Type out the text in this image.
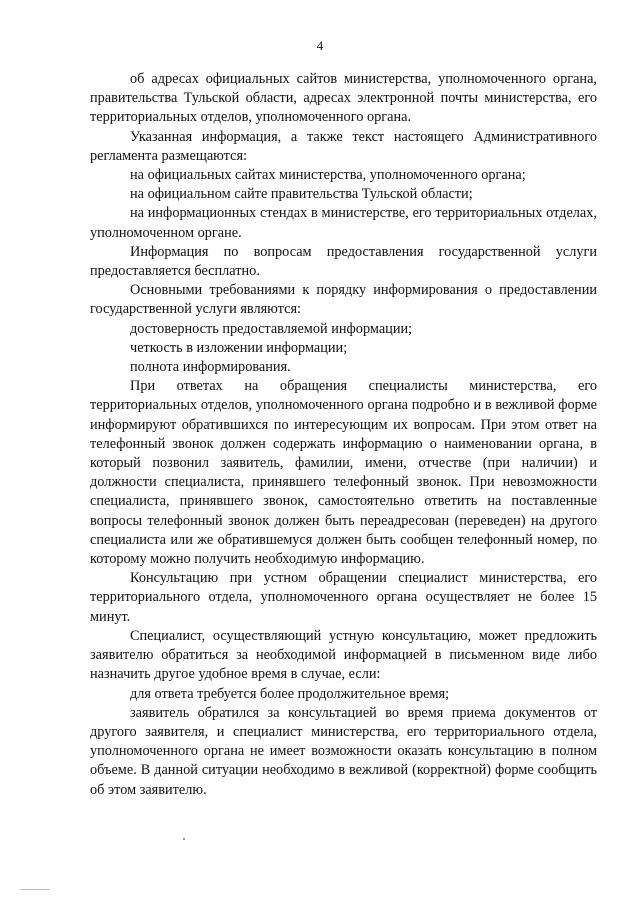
4

об адресах официальных сайтов министерства, уполномоченного органа, правительства Тульской области, адресах электронной почты министерства, его территориальных отделов, уполномоченного органа.

Указанная информация, а также текст настоящего Административного регламента размещаются:

на официальных сайтах министерства, уполномоченного органа;

на официальном сайте правительства Тульской области;

на информационных стендах в министерстве, его территориальных отделах, уполномоченном органе.

Информация по вопросам предоставления государственной услуги предоставляется бесплатно.

Основными требованиями к порядку информирования о предоставлении государственной услуги являются:

достоверность предоставляемой информации;

четкость в изложении информации;

полнота информирования.

При ответах на обращения специалисты министерства, его территориальных отделов, уполномоченного органа подробно и в вежливой форме информируют обратившихся по интересующим их вопросам. При этом ответ на телефонный звонок должен содержать информацию о наименовании органа, в который позвонил заявитель, фамилии, имени, отчестве (при наличии) и должности специалиста, принявшего телефонный звонок. При невозможности специалиста, принявшего звонок, самостоятельно ответить на поставленные вопросы телефонный звонок должен быть переадресован (переведен) на другого специалиста или же обратившемуся должен быть сообщен телефонный номер, по которому можно получить необходимую информацию.

Консультацию при устном обращении специалист министерства, его территориального отдела, уполномоченного органа осуществляет не более 15 минут.

Специалист, осуществляющий устную консультацию, может предложить заявителю обратиться за необходимой информацией в письменном виде либо назначить другое удобное время в случае, если:

для ответа требуется более продолжительное время;

заявитель обратился за консультацией во время приема документов от другого заявителя, и специалист министерства, его территориального отдела, уполномоченного органа не имеет возможности оказать консультацию в полном объеме. В данной ситуации необходимо в вежливой (корректной) форме сообщить об этом заявителю.
